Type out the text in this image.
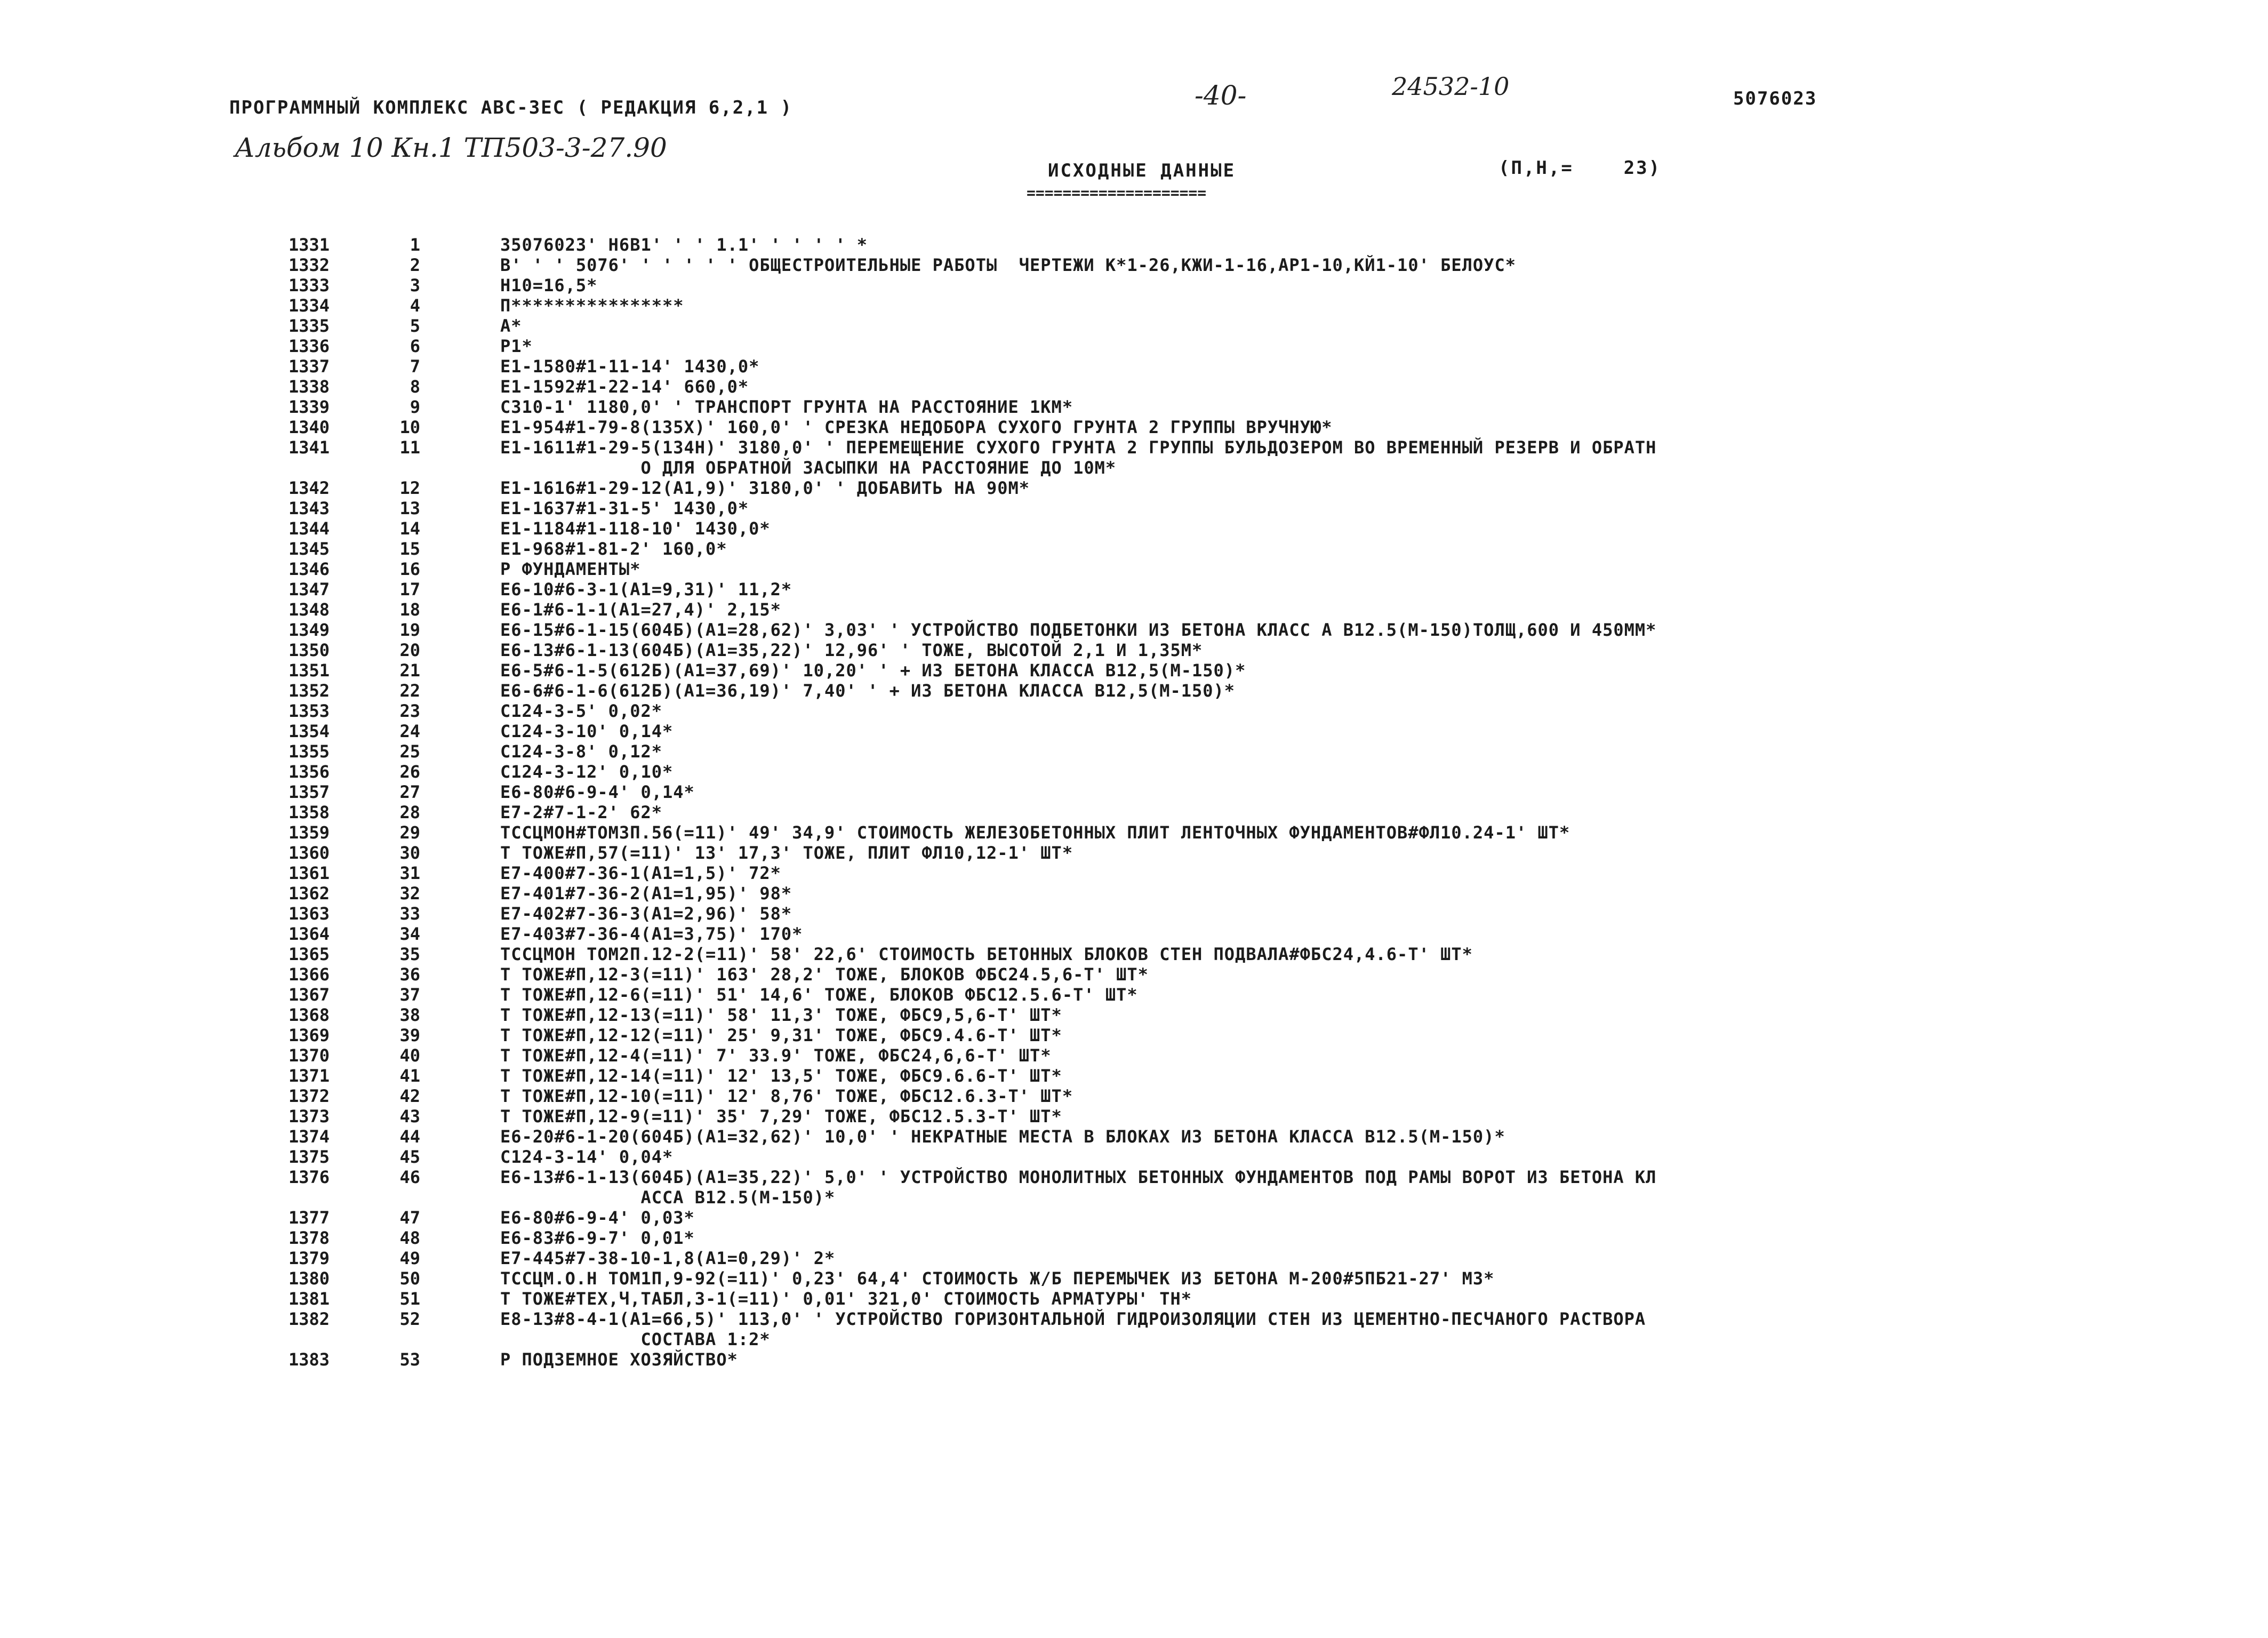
ПРОГРАММНЫЙ КОМПЛЕКС АВС-ЗЕС ( РЕДАКЦИЯ 6,2,1 )	-40-	24532-10	5076023
Альбом 10 Кн.1 ТП503-3-27.90
ИСХОДНЫЕ ДАННЫЕ	(П,Н,=    23)
====================
1331	1	35076023' Н6В1' ' ' 1.1' ' ' ' ' *
1332	2	В' ' ' 5076' ' ' ' ' ' ОБЩЕСТРОИТЕЛЬНЫЕ РАБОТЫ  ЧЕРТЕЖИ К*1-26,КЖИ-1-16,АР1-10,КЙ1-10' БЕЛОУС*
1333	3	Н10=16,5*
1334	4	П****************
1335	5	А*
1336	6	Р1*
1337	7	Е1-1580#1-11-14' 1430,0*
1338	8	Е1-1592#1-22-14' 660,0*
1339	9	С310-1' 1180,0' ' ТРАНСПОРТ ГРУНТА НА РАССТОЯНИЕ 1КМ*
1340	10	Е1-954#1-79-8(135Х)' 160,0' ' СРЕЗКА НЕДОБОРА СУХОГО ГРУНТА 2 ГРУППЫ ВРУЧНУЮ*
1341	11	Е1-1611#1-29-5(134Н)' 3180,0' ' ПЕРЕМЕЩЕНИЕ СУХОГО ГРУНТА 2 ГРУППЫ БУЛЬДОЗЕРОМ ВО ВРЕМЕННЫЙ РЕЗЕРВ И ОБРАТН
О ДЛЯ ОБРАТНОЙ ЗАСЫПКИ НА РАССТОЯНИЕ ДО 10М*
1342	12	Е1-1616#1-29-12(А1,9)' 3180,0' ' ДОБАВИТЬ НА 90М*
1343	13	Е1-1637#1-31-5' 1430,0*
1344	14	Е1-1184#1-118-10' 1430,0*
1345	15	Е1-968#1-81-2' 160,0*
1346	16	Р ФУНДАМЕНТЫ*
1347	17	Е6-10#6-3-1(А1=9,31)' 11,2*
1348	18	Е6-1#6-1-1(А1=27,4)' 2,15*
1349	19	Е6-15#6-1-15(604Б)(А1=28,62)' 3,03' ' УСТРОЙСТВО ПОДБЕТОНКИ ИЗ БЕТОНА КЛАСС А В12.5(М-150)ТОЛЩ,600 И 450ММ*
1350	20	Е6-13#6-1-13(604Б)(А1=35,22)' 12,96' ' ТОЖЕ, ВЫСОТОЙ 2,1 И 1,35М*
1351	21	Е6-5#6-1-5(612Б)(А1=37,69)' 10,20' ' + ИЗ БЕТОНА КЛАССА В12,5(М-150)*
1352	22	Е6-6#6-1-6(612Б)(А1=36,19)' 7,40' ' + ИЗ БЕТОНА КЛАССА В12,5(М-150)*
1353	23	С124-3-5' 0,02*
1354	24	С124-3-10' 0,14*
1355	25	С124-3-8' 0,12*
1356	26	С124-3-12' 0,10*
1357	27	Е6-80#6-9-4' 0,14*
1358	28	Е7-2#7-1-2' 62*
1359	29	ТССЦМОН#ТОМ3П.56(=11)' 49' 34,9' СТОИМОСТЬ ЖЕЛЕЗОБЕТОННЫХ ПЛИТ ЛЕНТОЧНЫХ ФУНДАМЕНТОВ#ФЛ10.24-1' ШТ*
1360	30	Т ТОЖЕ#П,57(=11)' 13' 17,3' ТОЖЕ, ПЛИТ ФЛ10,12-1' ШТ*
1361	31	Е7-400#7-36-1(А1=1,5)' 72*
1362	32	Е7-401#7-36-2(А1=1,95)' 98*
1363	33	Е7-402#7-36-3(А1=2,96)' 58*
1364	34	Е7-403#7-36-4(А1=3,75)' 170*
1365	35	ТССЦМОН ТОМ2П.12-2(=11)' 58' 22,6' СТОИМОСТЬ БЕТОННЫХ БЛОКОВ СТЕН ПОДВАЛА#ФБС24,4.6-Т' ШТ*
1366	36	Т ТОЖЕ#П,12-3(=11)' 163' 28,2' ТОЖЕ, БЛОКОВ ФБС24.5,6-Т' ШТ*
1367	37	Т ТОЖЕ#П,12-6(=11)' 51' 14,6' ТОЖЕ, БЛОКОВ ФБС12.5.6-Т' ШТ*
1368	38	Т ТОЖЕ#П,12-13(=11)' 58' 11,3' ТОЖЕ, ФБС9,5,6-Т' ШТ*
1369	39	Т ТОЖЕ#П,12-12(=11)' 25' 9,31' ТОЖЕ, ФБС9.4.6-Т' ШТ*
1370	40	Т ТОЖЕ#П,12-4(=11)' 7' 33.9' ТОЖЕ, ФБС24,6,6-Т' ШТ*
1371	41	Т ТОЖЕ#П,12-14(=11)' 12' 13,5' ТОЖЕ, ФБС9.6.6-Т' ШТ*
1372	42	Т ТОЖЕ#П,12-10(=11)' 12' 8,76' ТОЖЕ, ФБС12.6.3-Т' ШТ*
1373	43	Т ТОЖЕ#П,12-9(=11)' 35' 7,29' ТОЖЕ, ФБС12.5.3-Т' ШТ*
1374	44	Е6-20#6-1-20(604Б)(А1=32,62)' 10,0' ' НЕКРАТНЫЕ МЕСТА В БЛОКАХ ИЗ БЕТОНА КЛАССА В12.5(М-150)*
1375	45	С124-3-14' 0,04*
1376	46	Е6-13#6-1-13(604Б)(А1=35,22)' 5,0' ' УСТРОЙСТВО МОНОЛИТНЫХ БЕТОННЫХ ФУНДАМЕНТОВ ПОД РАМЫ ВОРОТ ИЗ БЕТОНА КЛ
АССА В12.5(М-150)*
1377	47	Е6-80#6-9-4' 0,03*
1378	48	Е6-83#6-9-7' 0,01*
1379	49	Е7-445#7-38-10-1,8(А1=0,29)' 2*
1380	50	ТССЦМ.О.Н ТОМ1П,9-92(=11)' 0,23' 64,4' СТОИМОСТЬ Ж/Б ПЕРЕМЫЧЕК ИЗ БЕТОНА М-200#5ПБ21-27' М3*
1381	51	Т ТОЖЕ#ТЕХ,Ч,ТАБЛ,3-1(=11)' 0,01' 321,0' СТОИМОСТЬ АРМАТУРЫ' ТН*
1382	52	Е8-13#8-4-1(А1=66,5)' 113,0' ' УСТРОЙСТВО ГОРИЗОНТАЛЬНОЙ ГИДРОИЗОЛЯЦИИ СТЕН ИЗ ЦЕМЕНТНО-ПЕСЧАНОГО РАСТВОРА
СОСТАВА 1:2*
1383	53	Р ПОДЗЕМНОЕ ХОЗЯЙСТВО*
